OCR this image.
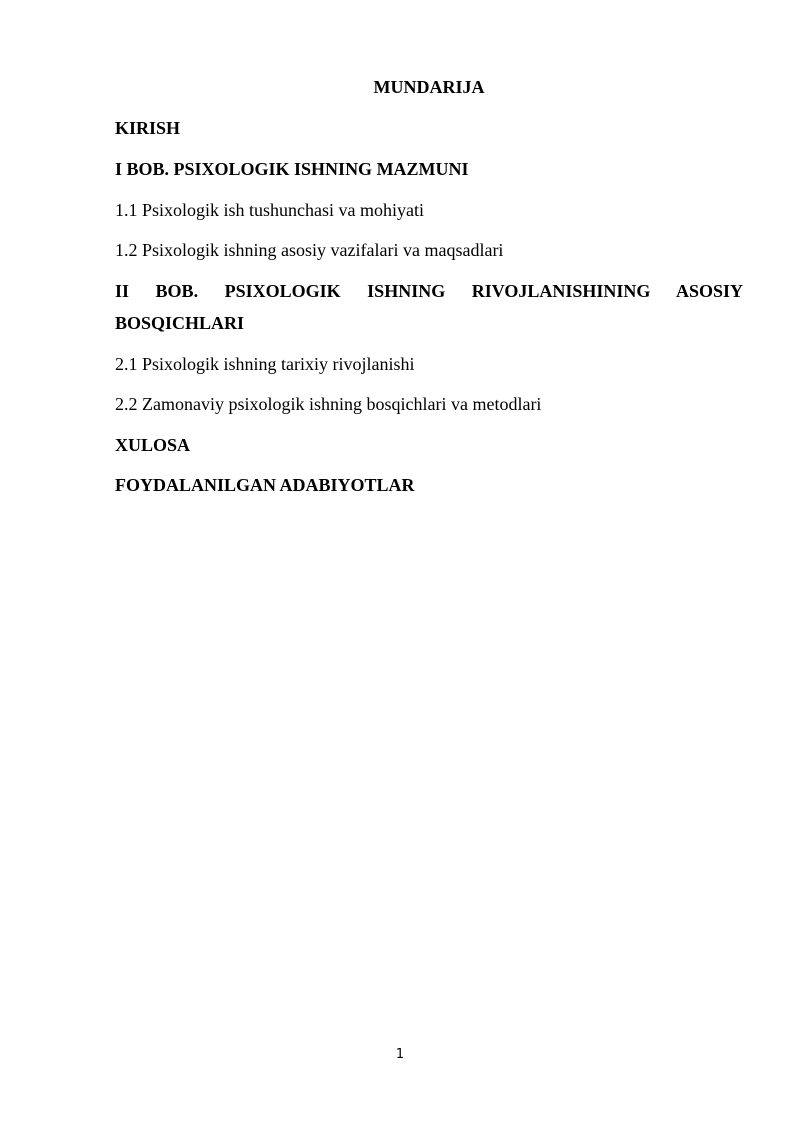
MUNDARIJA
KIRISH
I BOB. PSIXOLOGIK ISHNING MAZMUNI
1.1 Psixologik ish tushunchasi va mohiyati
1.2 Psixologik ishning asosiy vazifalari va maqsadlari
II BOB. PSIXOLOGIK ISHNING RIVOJLANISHINING ASOSIY
BOSQICHLARI
2.1 Psixologik ishning tarixiy rivojlanishi
2.2 Zamonaviy psixologik ishning bosqichlari va metodlari
XULOSA
FOYDALANILGAN ADABIYOTLAR
1
